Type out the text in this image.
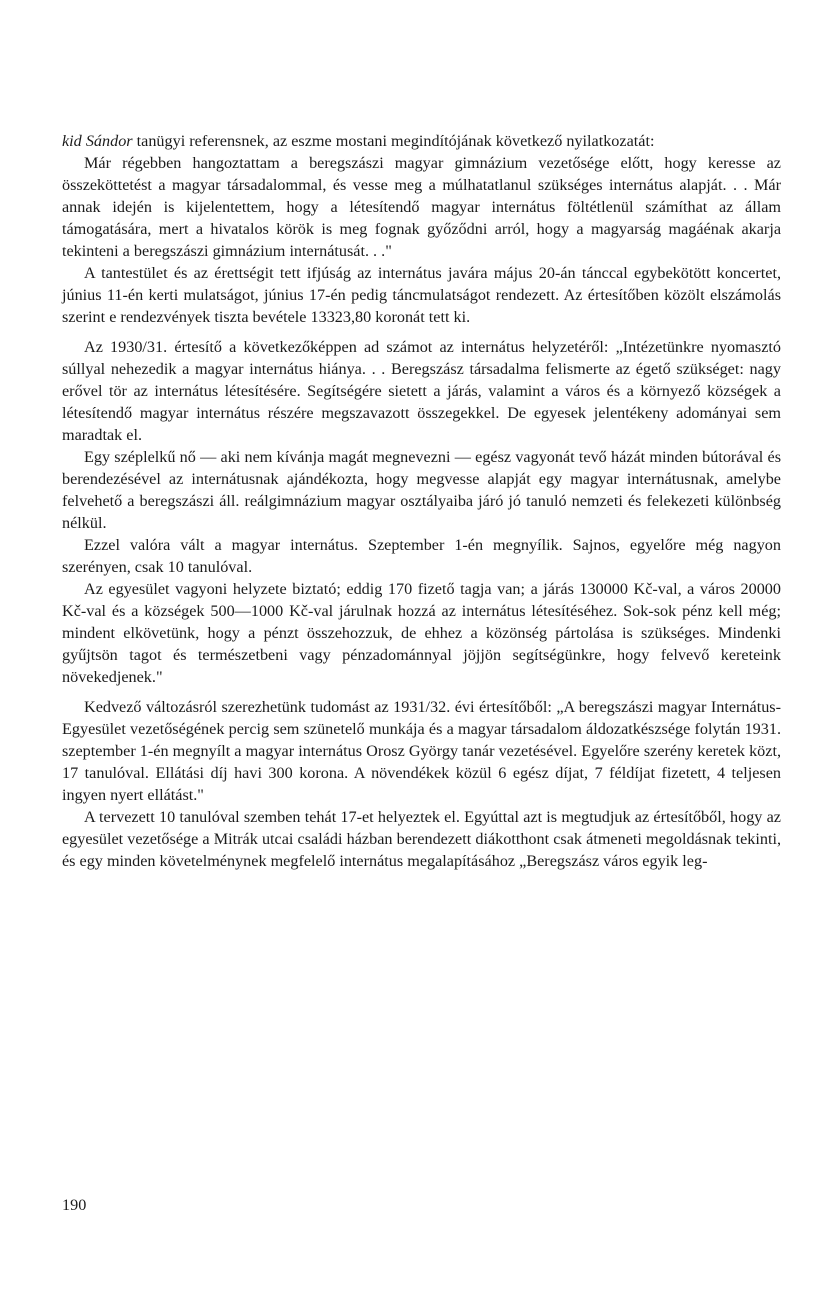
kid Sándor tanügyi referensnek, az eszme mostani megindítójának következő nyilatkozatát:

Már régebben hangoztattam a beregszászi magyar gimnázium vezetősége előtt, hogy keresse az összeköttetést a magyar társadalommal, és vesse meg a múlhatatlanul szükséges internátus alapját. . . Már annak idején is kijelentettem, hogy a létesítendő magyar internátus föltétlenül számíthat az állam támogatására, mert a hivatalos körök is meg fognak győződni arról, hogy a magyarság magáénak akarja tekinteni a beregszászi gimnázium internátusát. . ."

A tantestület és az érettségit tett ifjúság az internátus javára május 20-án tánccal egybekötött koncertet, június 11-én kerti mulatságot, június 17-én pedig táncmulatságot rendezett. Az értesítőben közölt elszámolás szerint e rendezvények tiszta bevétele 13323,80 koronát tett ki.

Az 1930/31. értesítő a következőképpen ad számot az internátus helyzetéről: „Intézetünkre nyomasztó súllyal nehezedik a magyar internátus hiánya. . . Beregszász társadalma felismerte az égető szükséget: nagy erővel tör az internátus létesítésére. Segítségére sietett a járás, valamint a város és a környező községek a létesítendő magyar internátus részére megszavazott összegekkel. De egyesek jelentékeny adományai sem maradtak el.

Egy széplelkű nő — aki nem kívánja magát megnevezni — egész vagyonát tevő házát minden bútorával és berendezésével az internátusnak ajándékozta, hogy megvesse alapját egy magyar internátusnak, amelybe felvehető a beregszászi áll. reálgimnázium magyar osztályaiba járó jó tanuló nemzeti és felekezeti különbség nélkül.

Ezzel valóra vált a magyar internátus. Szeptember 1-én megnyílik. Sajnos, egyelőre még nagyon szerényen, csak 10 tanulóval.

Az egyesület vagyoni helyzete biztató; eddig 170 fizető tagja van; a járás 130000 Kč-val, a város 20000 Kč-val és a községek 500—1000 Kč-val járulnak hozzá az internátus létesítéséhez. Sok-sok pénz kell még; mindent elkövetünk, hogy a pénzt összehozzuk, de ehhez a közönség pártolása is szükséges. Mindenki gyűjtsön tagot és természetbeni vagy pénzadománnyal jöjjön segítségünkre, hogy felvevő kereteink növekedjenek."

Kedvező változásról szerezhetünk tudomást az 1931/32. évi értesítőből: „A beregszászi magyar Internátus-Egyesület vezetőségének percig sem szünetelő munkája és a magyar társadalom áldozatkészsége folytán 1931. szeptember 1-én megnyílt a magyar internátus Orosz György tanár vezetésével. Egyelőre szerény keretek közt, 17 tanulóval. Ellátási díj havi 300 korona. A növendékek közül 6 egész díjat, 7 féldíjat fizetett, 4 teljesen ingyen nyert ellátást."

A tervezett 10 tanulóval szemben tehát 17-et helyeztek el. Egyúttal azt is megtudjuk az értesítőből, hogy az egyesület vezetősége a Mitrák utcai családi házban berendezett diákotthont csak átmeneti megoldásnak tekinti, és egy minden követelménynek megfelelő internátus megalapításához „Beregszász város egyik leg-

190
